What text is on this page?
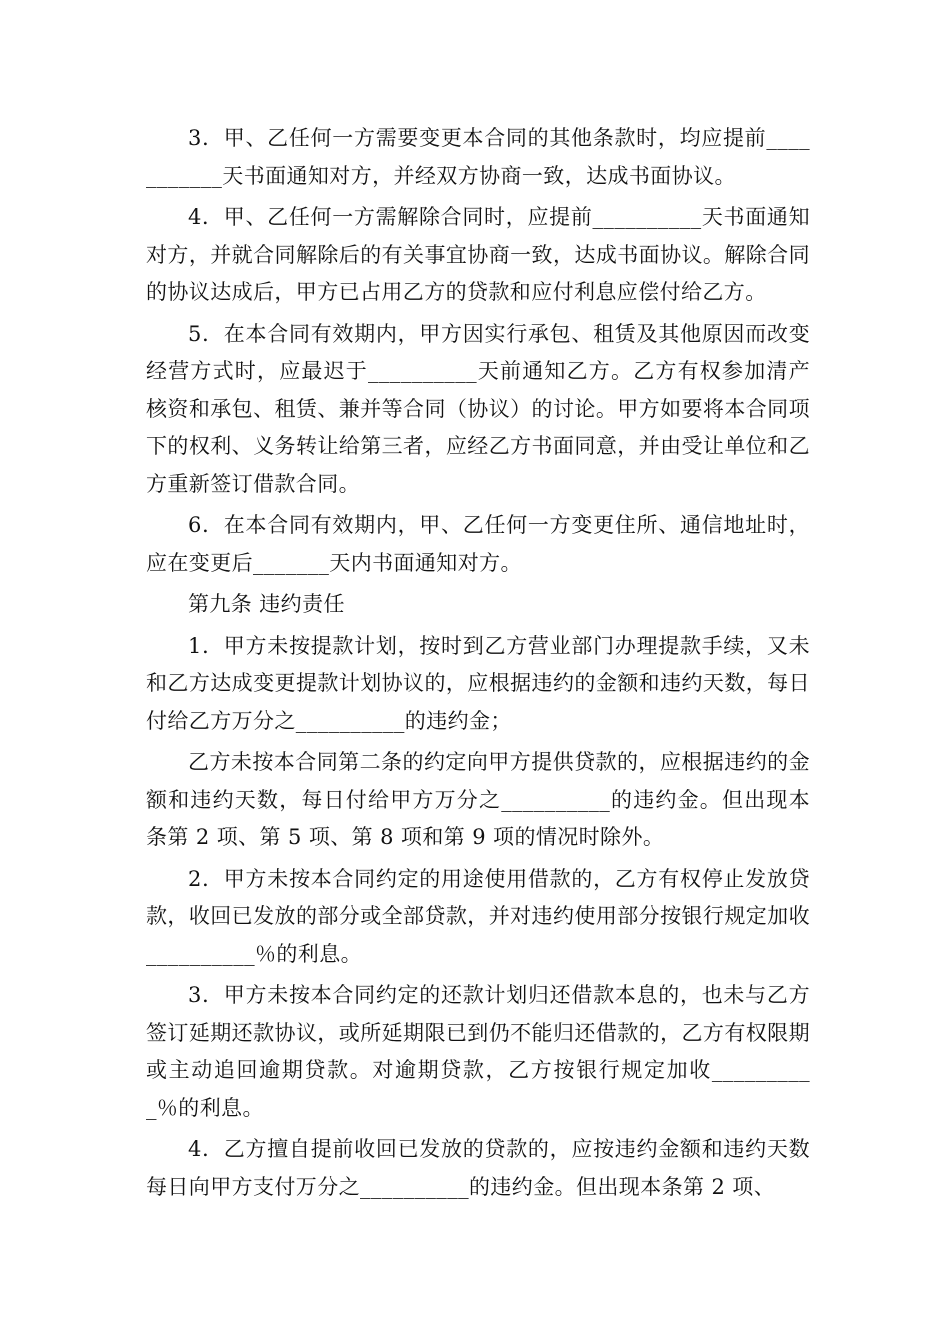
3．甲、乙任何一方需要变更本合同的其他条款时，均应提前___________天书面通知对方，并经双方协商一致，达成书面协议。

4．甲、乙任何一方需解除合同时，应提前__________天书面通知对方，并就合同解除后的有关事宜协商一致，达成书面协议。解除合同的协议达成后，甲方已占用乙方的贷款和应付利息应偿付给乙方。

5．在本合同有效期内，甲方因实行承包、租赁及其他原因而改变经营方式时，应最迟于__________天前通知乙方。乙方有权参加清产核资和承包、租赁、兼并等合同（协议）的讨论。甲方如要将本合同项下的权利、义务转让给第三者，应经乙方书面同意，并由受让单位和乙方重新签订借款合同。

6．在本合同有效期内，甲、乙任何一方变更住所、通信地址时，应在变更后_______天内书面通知对方。

第九条 违约责任

1．甲方未按提款计划，按时到乙方营业部门办理提款手续，又未和乙方达成变更提款计划协议的，应根据违约的金额和违约天数，每日付给乙方万分之__________的违约金；

乙方未按本合同第二条的约定向甲方提供贷款的，应根据违约的金额和违约天数，每日付给甲方万分之__________的违约金。但出现本条第 2 项、第 5 项、第 8 项和第 9 项的情况时除外。

2．甲方未按本合同约定的用途使用借款的，乙方有权停止发放贷款，收回已发放的部分或全部贷款，并对违约使用部分按银行规定加收__________％的利息。

3．甲方未按本合同约定的还款计划归还借款本息的，也未与乙方签订延期还款协议，或所延期限已到仍不能归还借款的，乙方有权限期或主动追回逾期贷款。对逾期贷款，乙方按银行规定加收__________％的利息。

4．乙方擅自提前收回已发放的贷款的，应按违约金额和违约天数每日向甲方支付万分之__________的违约金。但出现本条第 2 项、
